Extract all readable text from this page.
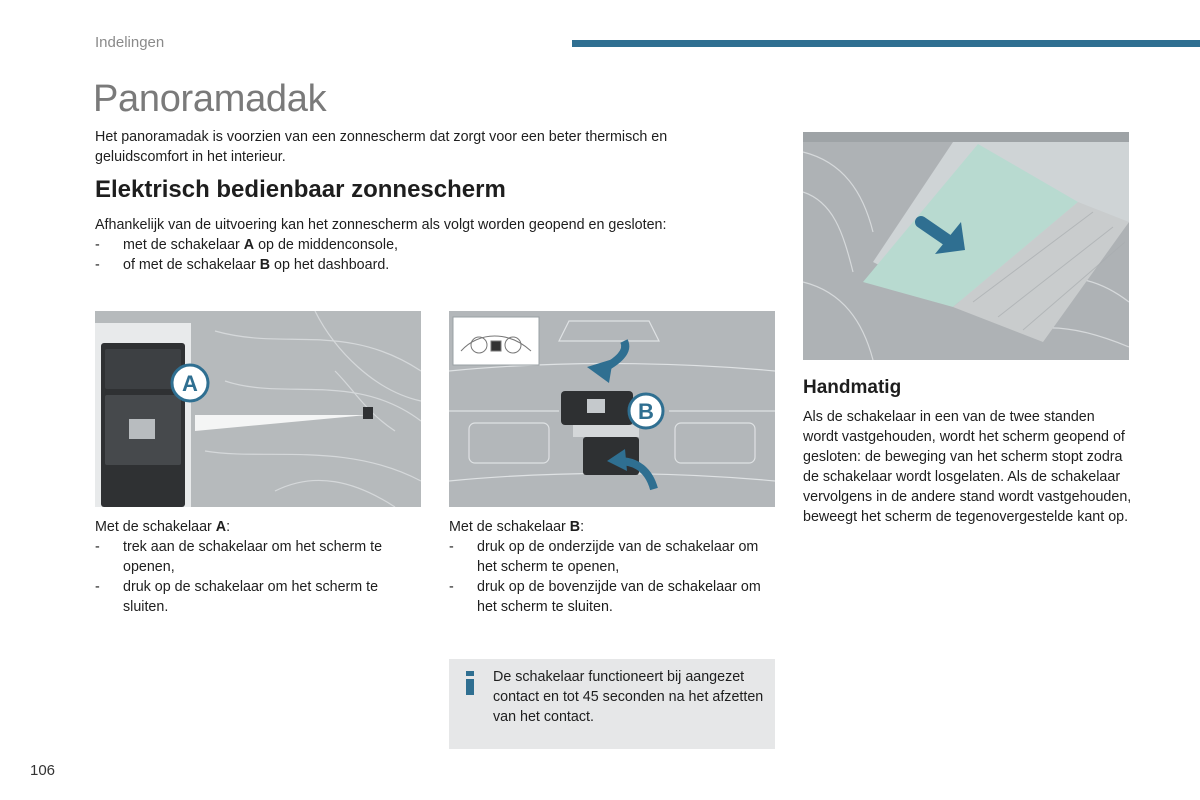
Indelingen
Panoramadak
Het panoramadak is voorzien van een zonnescherm dat zorgt voor een beter thermisch en geluidscomfort in het interieur.
Elektrisch bedienbaar zonnescherm
Afhankelijk van de uitvoering kan het zonnescherm als volgt worden geopend en gesloten:
- met de schakelaar A op de middenconsole,
- of met de schakelaar B op het dashboard.
A
B
Met de schakelaar A:
- trek aan de schakelaar om het scherm te openen,
- druk op de schakelaar om het scherm te sluiten.
Met de schakelaar B:
- druk op de onderzijde van de schakelaar om het scherm te openen,
- druk op de bovenzijde van de schakelaar om het scherm te sluiten.
Handmatig
Als de schakelaar in een van de twee standen wordt vastgehouden, wordt het scherm geopend of gesloten: de beweging van het scherm stopt zodra de schakelaar wordt losgelaten. Als de schakelaar vervolgens in de andere stand wordt vastgehouden, beweegt het scherm de tegenovergestelde kant op.
De schakelaar functioneert bij aangezet contact en tot 45 seconden na het afzetten van het contact.
106
